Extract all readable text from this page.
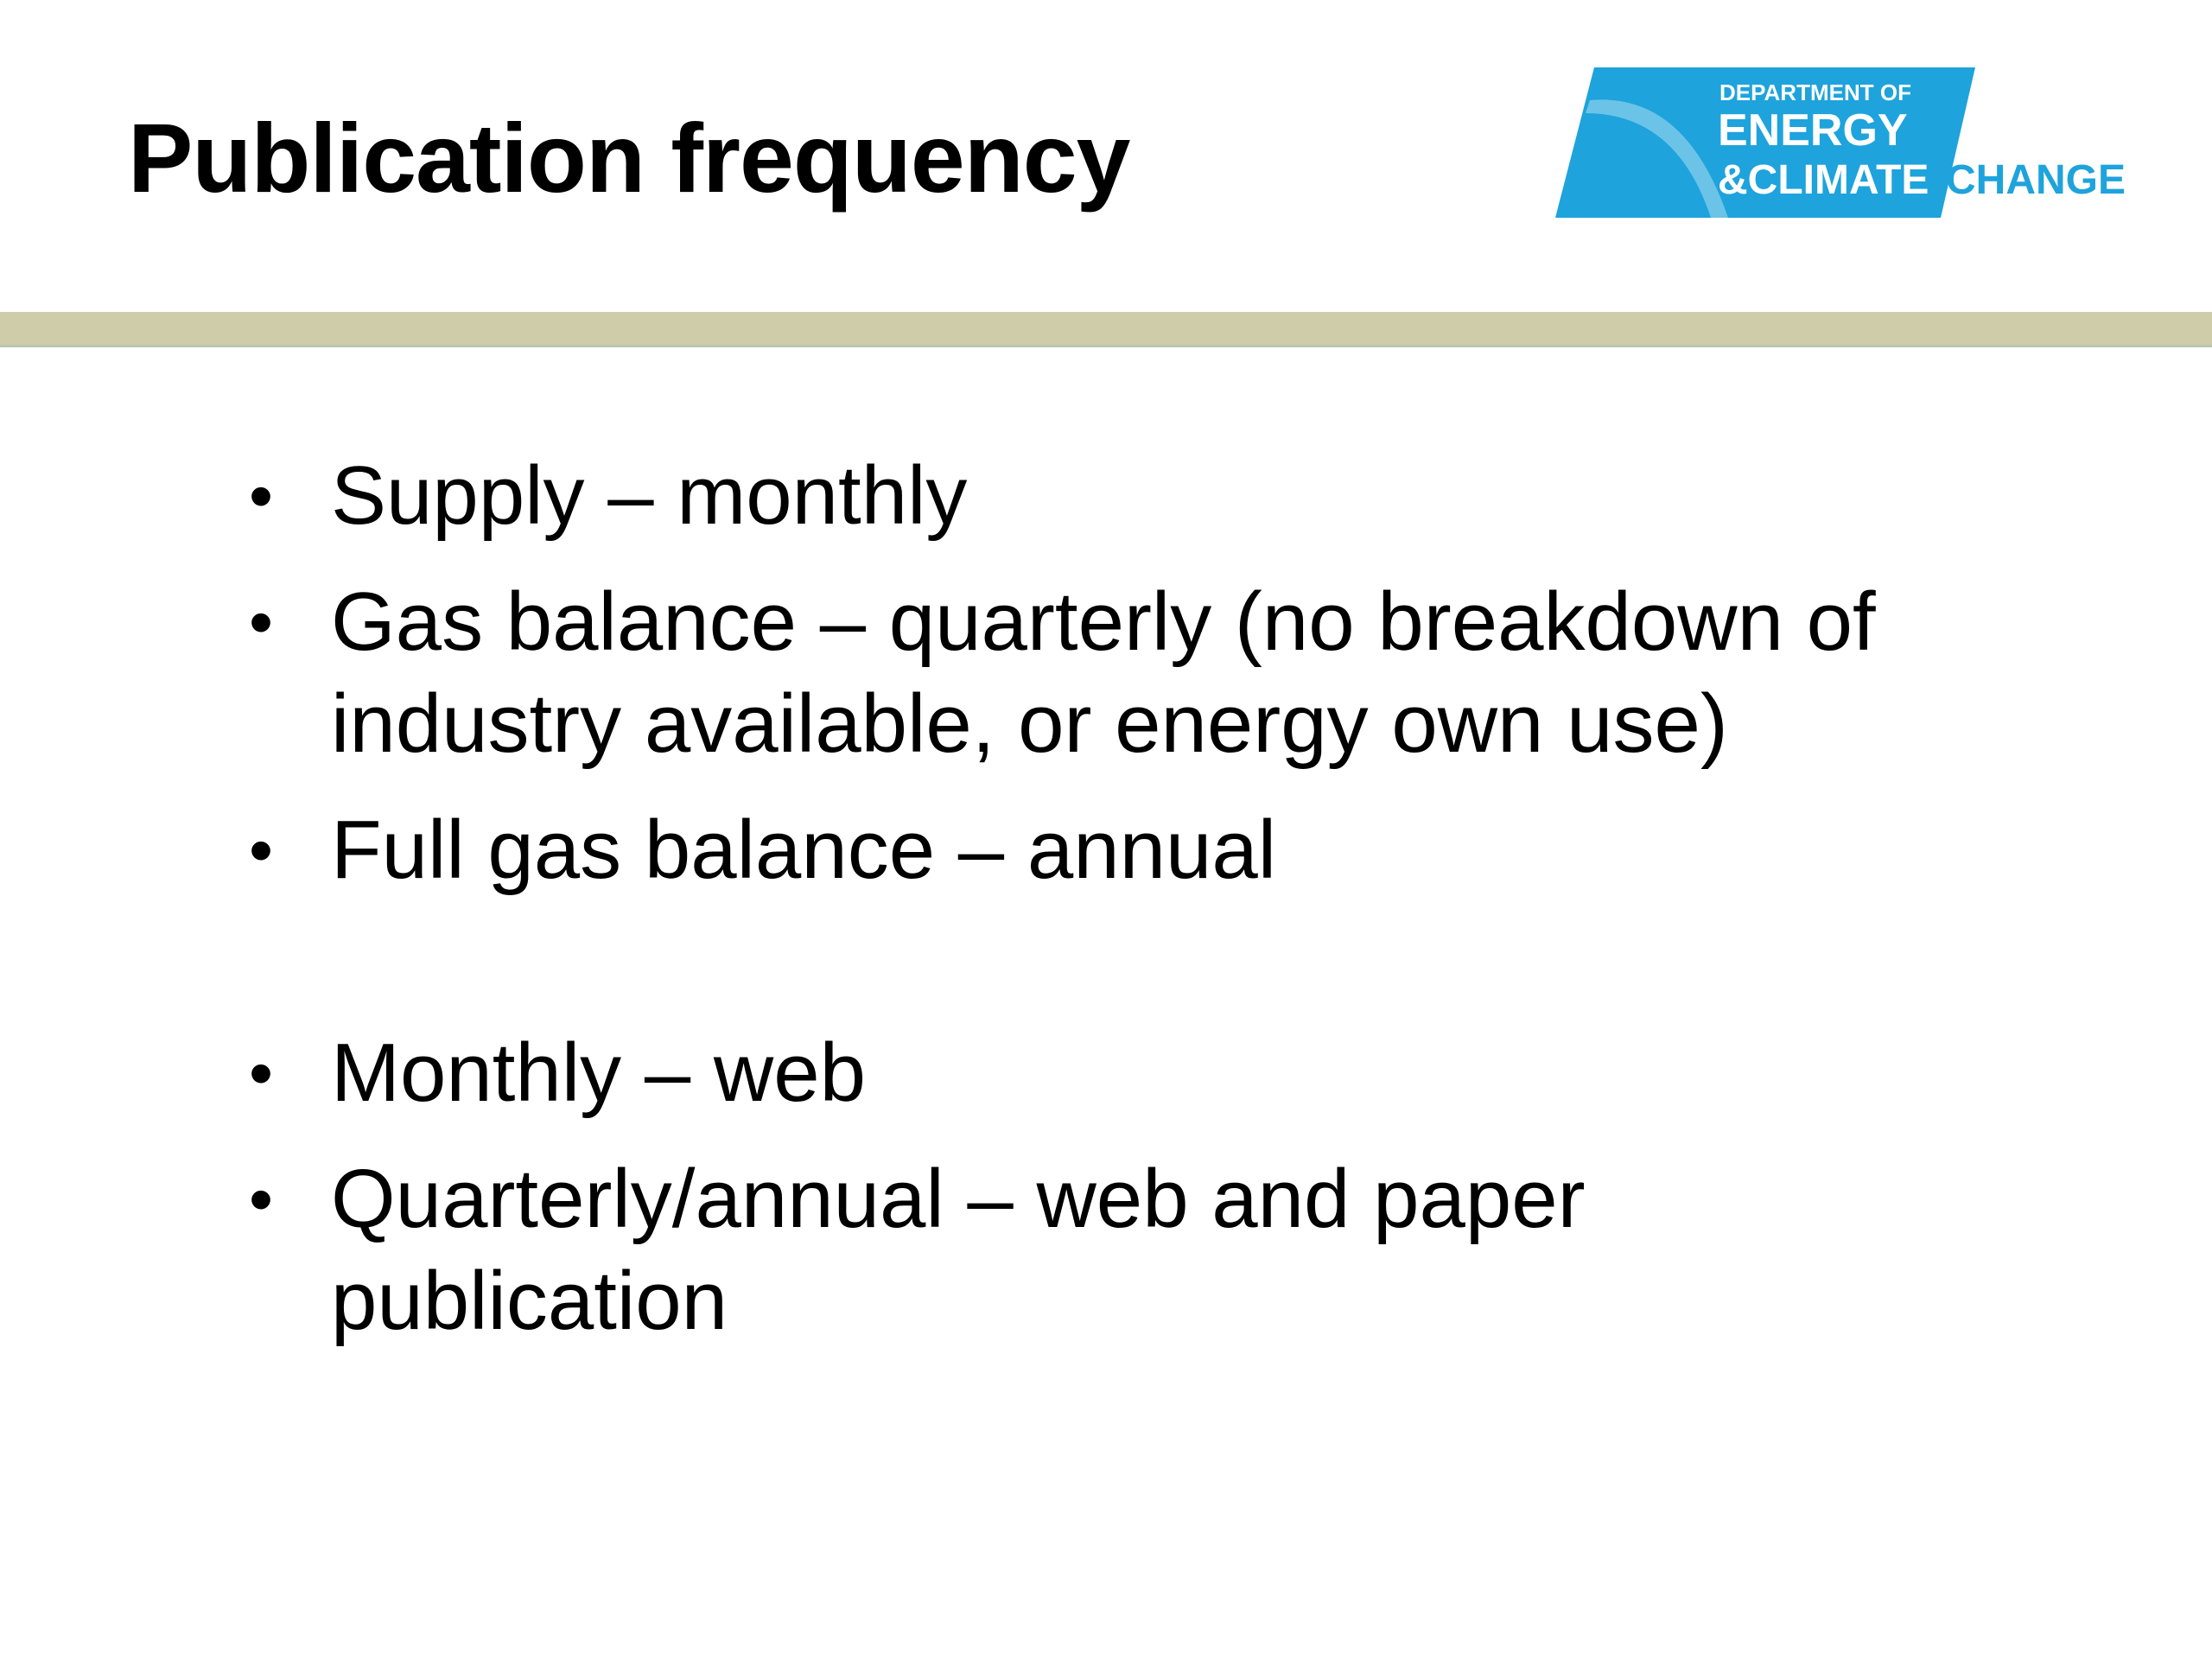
Publication frequency
DEPARTMENT OF
ENERGY
&CLIMATE CHANGE
• Supply – monthly
• Gas balance – quarterly (no breakdown of
industry available, or energy own use)
• Full gas balance – annual
• Monthly – web
• Quarterly/annual – web and paper
publication
